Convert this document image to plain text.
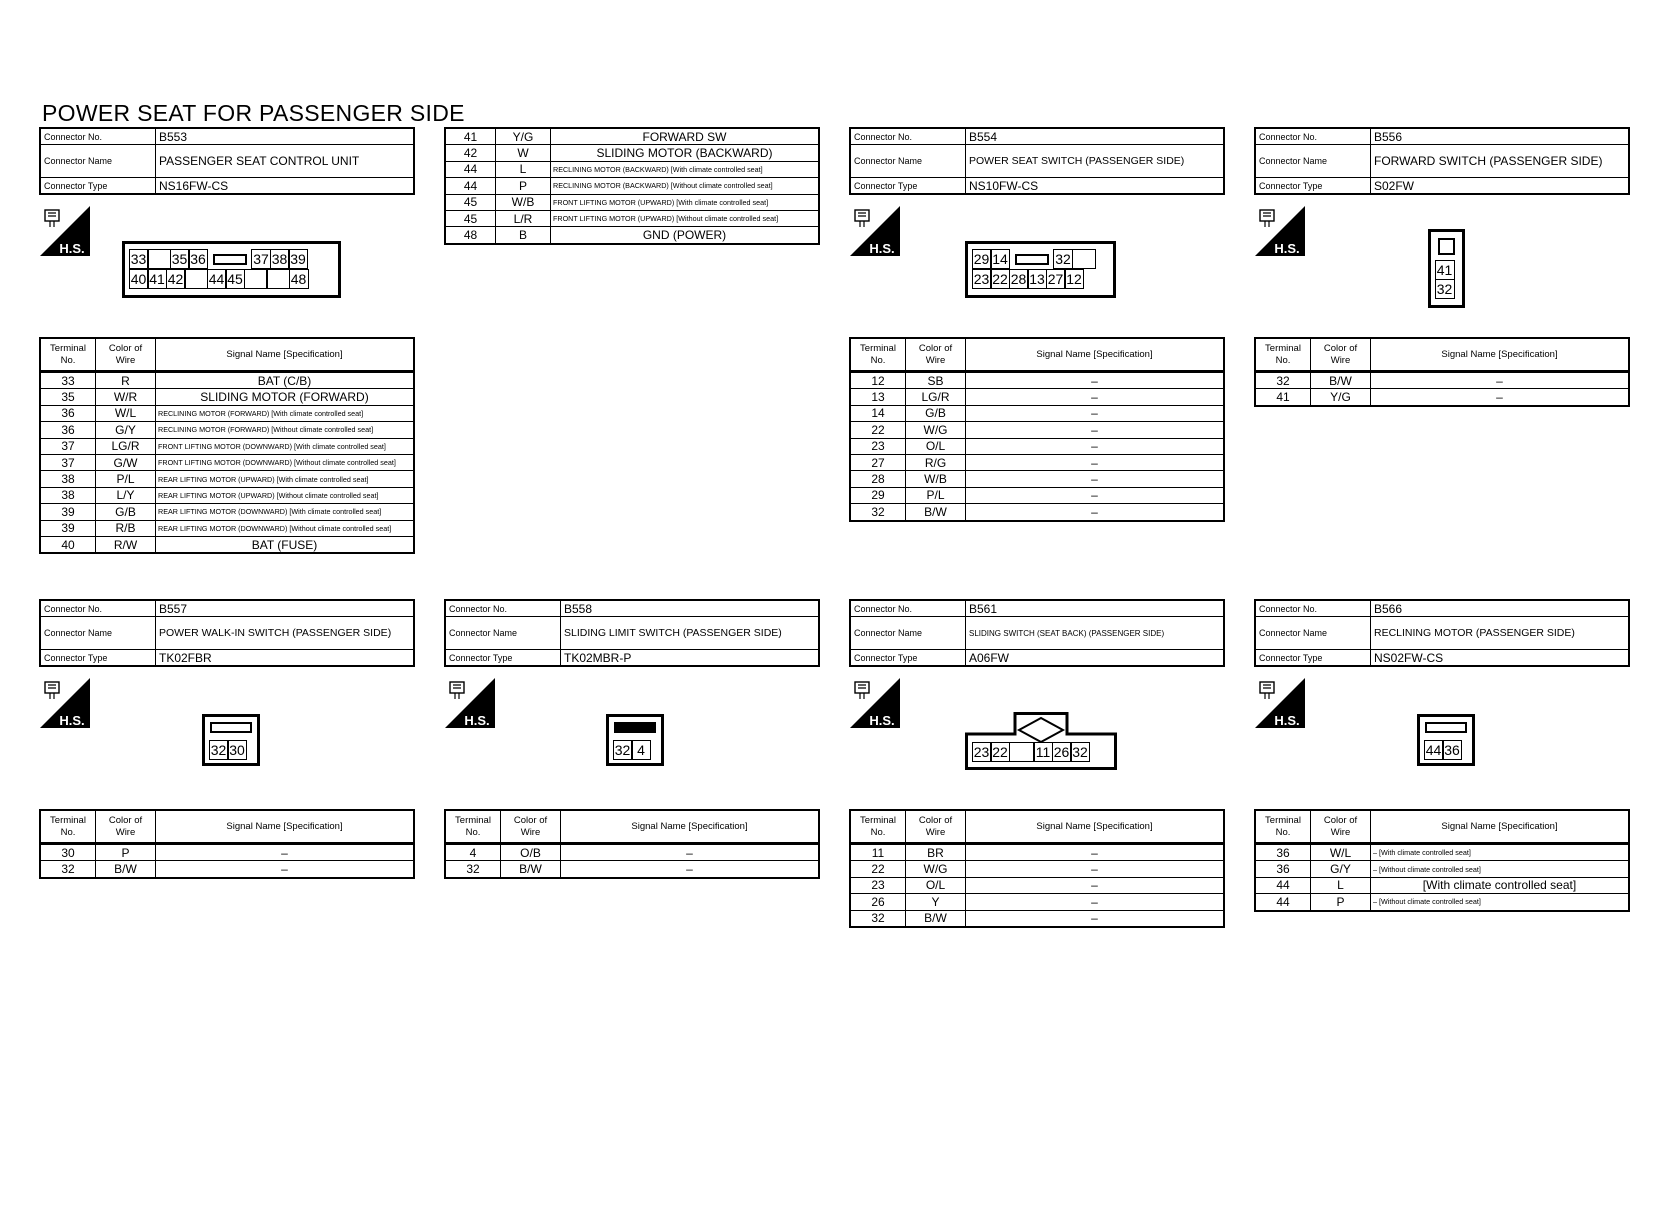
POWER SEAT FOR PASSENGER SIDE
Connector No.	B553
Connector Name	PASSENGER SEAT CONTROL UNIT
Connector Type	NS16FW-CS
H.S.
33 35 36	37 38 39
40 41 42 44 45	48
Terminal No.	Color of Wire	Signal Name [Specification]
33	R	BAT (C/B)
35	W/R	SLIDING MOTOR (FORWARD)
36	W/L	RECLINING MOTOR (FORWARD) [With climate controlled seat]
36	G/Y	RECLINING MOTOR (FORWARD) [Without climate controlled seat]
37	LG/R	FRONT LIFTING MOTOR (DOWNWARD) [With climate controlled seat]
37	G/W	FRONT LIFTING MOTOR (DOWNWARD) [Without climate controlled seat]
38	P/L	REAR LIFTING MOTOR (UPWARD) [With climate controlled seat]
38	L/Y	REAR LIFTING MOTOR (UPWARD) [Without climate controlled seat]
39	G/B	REAR LIFTING MOTOR (DOWNWARD) [With climate controlled seat]
39	R/B	REAR LIFTING MOTOR (DOWNWARD) [Without climate controlled seat]
40	R/W	BAT (FUSE)
41	Y/G	FORWARD SW
42	W	SLIDING MOTOR (BACKWARD)
44	L	RECLINING MOTOR (BACKWARD) [With climate controlled seat]
44	P	RECLINING MOTOR (BACKWARD) [Without climate controlled seat]
45	W/B	FRONT LIFTING MOTOR (UPWARD) [With climate controlled seat]
45	L/R	FRONT LIFTING MOTOR (UPWARD) [Without climate controlled seat]
48	B	GND (POWER)
Connector No.	B554
Connector Name	POWER SEAT SWITCH (PASSENGER SIDE)
Connector Type	NS10FW-CS
H.S.
29 14	32
23 22 28 13 27 12
Terminal No.	Color of Wire	Signal Name [Specification]
12	SB	–
13	LG/R	–
14	G/B	–
22	W/G	–
23	O/L	–
27	R/G	–
28	W/B	–
29	P/L	–
32	B/W	–
Connector No.	B556
Connector Name	FORWARD SWITCH (PASSENGER SIDE)
Connector Type	S02FW
H.S.
41
32
Terminal No.	Color of Wire	Signal Name [Specification]
32	B/W	–
41	Y/G	–
Connector No.	B557
Connector Name	POWER WALK-IN SWITCH (PASSENGER SIDE)
Connector Type	TK02FBR
H.S.
32 30
Terminal No.	Color of Wire	Signal Name [Specification]
30	P	–
32	B/W	–
Connector No.	B558
Connector Name	SLIDING LIMIT SWITCH (PASSENGER SIDE)
Connector Type	TK02MBR-P
H.S.
32 4
Terminal No.	Color of Wire	Signal Name [Specification]
4	O/B	–
32	B/W	–
Connector No.	B561
Connector Name	SLIDING SWITCH (SEAT BACK) (PASSENGER SIDE)
Connector Type	A06FW
H.S.
23 22 11 26 32
Terminal No.	Color of Wire	Signal Name [Specification]
11	BR	–
22	W/G	–
23	O/L	–
26	Y	–
32	B/W	–
Connector No.	B566
Connector Name	RECLINING MOTOR (PASSENGER SIDE)
Connector Type	NS02FW-CS
H.S.
44 36
Terminal No.	Color of Wire	Signal Name [Specification]
36	W/L	– [With climate controlled seat]
36	G/Y	– [Without climate controlled seat]
44	L	[With climate controlled seat]
44	P	– [Without climate controlled seat]
